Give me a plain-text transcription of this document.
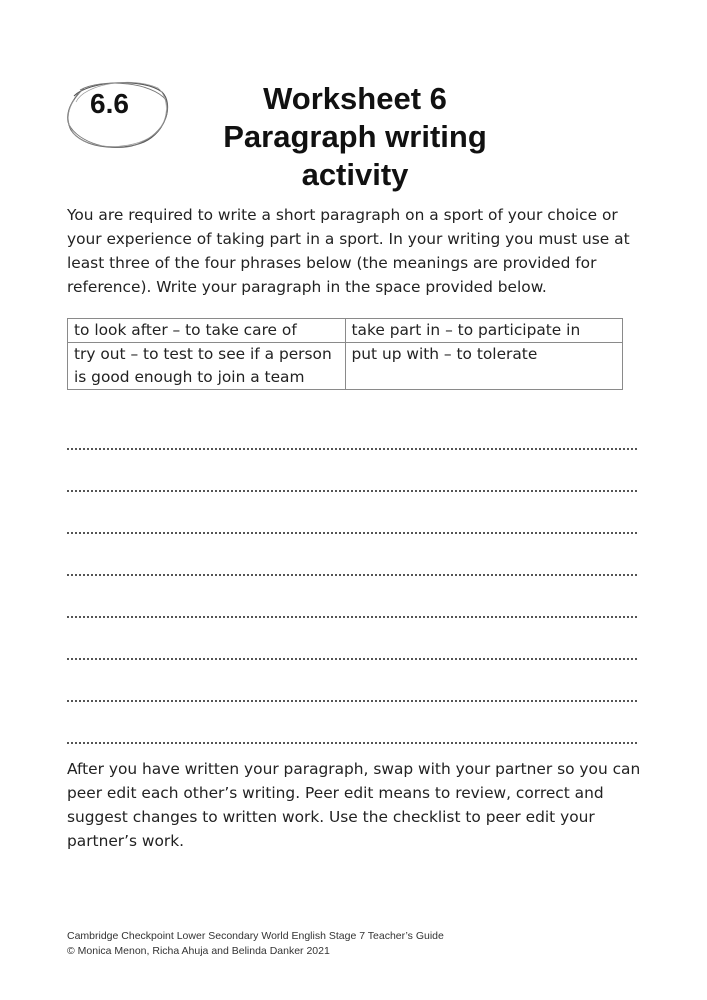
6.6	Worksheet 6
Paragraph writing
activity
You are required to write a short paragraph on a sport of your choice or
your experience of taking part in a sport. In your writing you must use at
least three of the four phrases below (the meanings are provided for
reference). Write your paragraph in the space provided below.
to look after – to take care of	take part in – to participate in

try out – to test to see if a person
is good enough to join a team	put up with – to tolerate
After you have written your paragraph, swap with your partner so you can
peer edit each other’s writing. Peer edit means to review, correct and
suggest changes to written work. Use the checklist to peer edit your
partner’s work.
Cambridge Checkpoint Lower Secondary World English Stage 7 Teacher’s Guide
© Monica Menon, Richa Ahuja and Belinda Danker 2021
